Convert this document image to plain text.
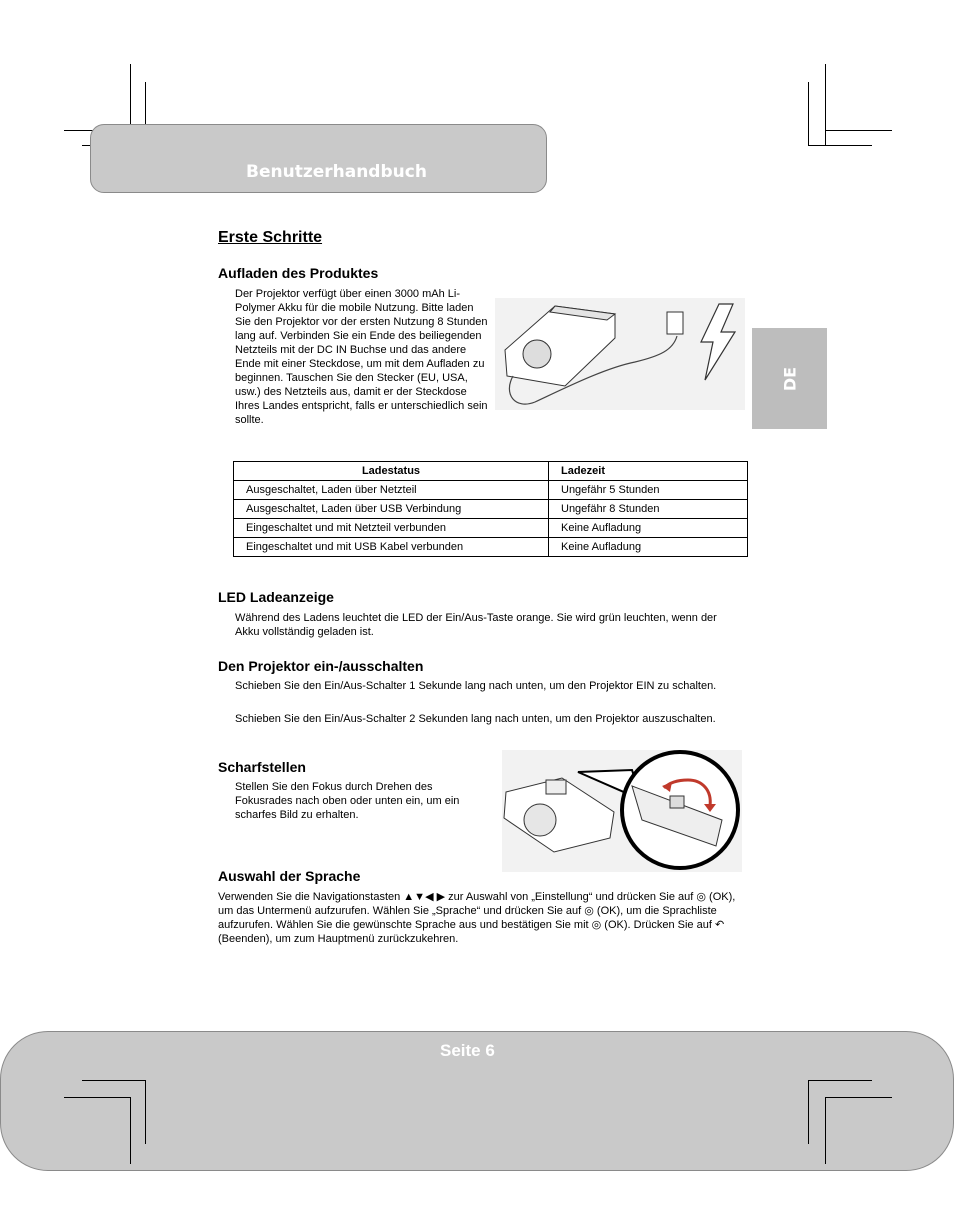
Benutzerhandbuch
DE
Erste Schritte
Aufladen des Produktes
Der Projektor verfügt über einen 3000 mAh Li-Polymer Akku für die mobile Nutzung. Bitte laden Sie den Projektor vor der ersten Nutzung 8 Stunden lang auf. Verbinden Sie ein Ende des beiliegenden Netzteils mit der DC IN Buchse und das andere Ende mit einer Steckdose, um mit dem Aufladen zu beginnen. Tauschen Sie den Stecker (EU, USA, usw.) des Netzteils aus, damit er der Steckdose Ihres Landes entspricht, falls er unterschiedlich sein sollte.
Ladestatus	Ladezeit
Ausgeschaltet, Laden über Netzteil	Ungefähr 5 Stunden
Ausgeschaltet, Laden über USB Verbindung	Ungefähr 8 Stunden
Eingeschaltet und mit Netzteil verbunden	Keine Aufladung
Eingeschaltet und mit USB Kabel verbunden	Keine Aufladung
LED Ladeanzeige
Während des Ladens leuchtet die LED der Ein/Aus-Taste orange. Sie wird grün leuchten, wenn der Akku vollständig geladen ist.
Den Projektor ein-/ausschalten
Schieben Sie den Ein/Aus-Schalter 1 Sekunde lang nach unten, um den Projektor EIN zu schalten.
Schieben Sie den Ein/Aus-Schalter 2 Sekunden lang nach unten, um den Projektor auszuschalten.
Scharfstellen
Stellen Sie den Fokus durch Drehen des Fokusrades nach oben oder unten ein, um ein scharfes Bild zu erhalten.
Auswahl der Sprache
Verwenden Sie die Navigationstasten ▲▼◀ ▶ zur Auswahl von „Einstellung“ und drücken Sie auf ◎ (OK), um das Untermenü aufzurufen. Wählen Sie „Sprache“ und drücken Sie auf ◎ (OK), um die Sprachliste aufzurufen. Wählen Sie die gewünschte Sprache aus und bestätigen Sie mit ◎ (OK). Drücken Sie auf ↶ (Beenden), um zum Hauptmenü zurückzukehren.
Seite 6
